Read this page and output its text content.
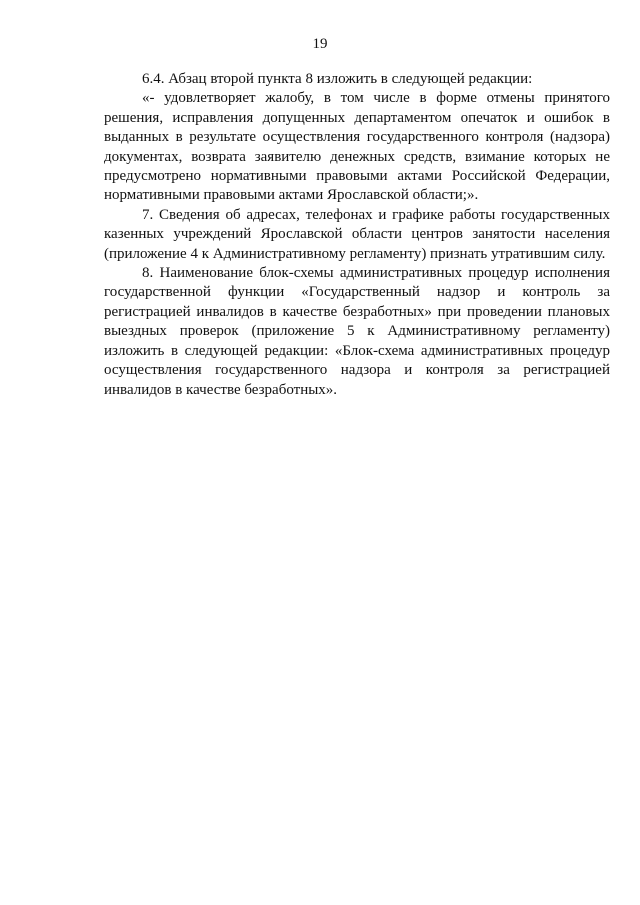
19

6.4. Абзац второй пункта 8 изложить в следующей редакции:

«- удовлетворяет жалобу, в том числе в форме отмены принятого решения, исправления допущенных департаментом опечаток и ошибок в выданных в результате осуществления государственного контроля (надзора) документах, возврата заявителю денежных средств, взимание которых не предусмотрено нормативными правовыми актами Российской Федерации, нормативными правовыми актами Ярославской области;».

7. Сведения об адресах, телефонах и графике работы государственных казенных учреждений Ярославской области центров занятости населения (приложение 4 к Административному регламенту) признать утратившим силу.

8. Наименование блок-схемы административных процедур исполнения государственной функции «Государственный надзор и контроль за регистрацией инвалидов в качестве безработных» при проведении плановых выездных проверок (приложение 5 к Административному регламенту) изложить в следующей редакции: «Блок-схема административных процедур осуществления государственного надзора и контроля за регистрацией инвалидов в качестве безработных».
